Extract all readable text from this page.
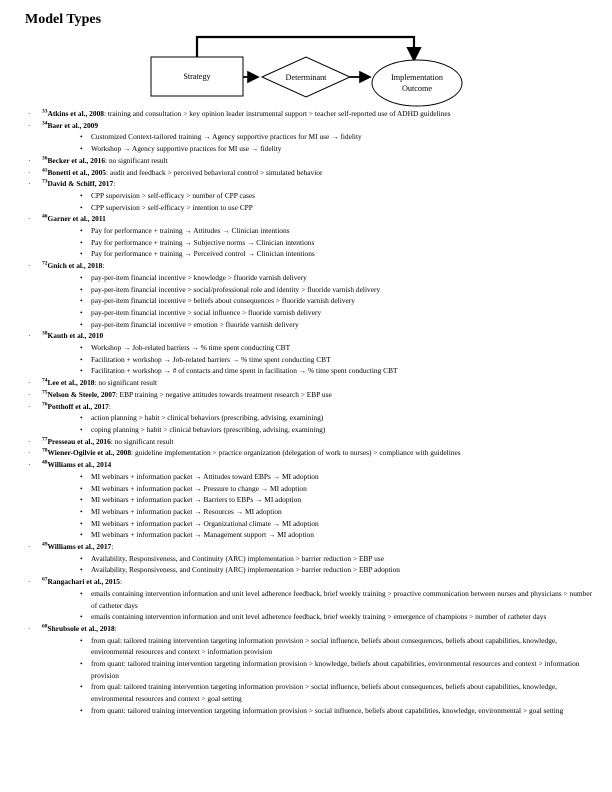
Model Types
Strategy	Determinant	Implementation Outcome
· $^{33}$Atkins et al., 2008: training and consultation > key opinion leader instrumental support > teacher self-reported use of ADHD guidelines
· $^{34}$Baer et al., 2009
• Customized Context-tailored training → Agency supportive practices for MI use → fidelity
• Workshop → Agency supportive practices for MI use → fidelity
· $^{36}$Becker et al., 2016: no significant result
· $^{41}$Bonetti et al., 2005: audit and feedback > perceived behavioral control > simulated behavior
· $^{73}$David & Schiff, 2017:
• CPP supervision > self-efficacy > number of CPP cases
• CPP supervision > self-efficacy > intention to use CPP
· $^{46}$Garner et al., 2011
• Pay for performance + training → Attitudes → Clinician intentions
• Pay for performance + training → Subjective norms → Clinician intentions
• Pay for performance + training → Perceived control → Clinician intentions
· $^{72}$Gnich et al., 2018:
• pay-per-item financial incentive > knowledge > fluoride varnish delivery
• pay-per-item financial incentive > social/professional role and identity > fluoride varnish delivery
• pay-per-item financial incentive > beliefs about consequences > fluoride varnish delivery
• pay-per-item financial incentive > social influence > fluoride varnish delivery
• pay-per-item financial incentive > emotion > fluoride varnish delivery
· $^{38}$Kauth et al., 2010
• Workshop → Job-related barriers → % time spent conducting CBT
• Facilitation + workshop → Job-related barriers → % time spent conducting CBT
• Facilitation + workshop → # of contacts and time spent in facilitation → % time spent conducting CBT
· $^{74}$Lee et al., 2018: no significant result
· $^{75}$Nelson & Steele, 2007: EBP training > negative attitudes towards treatment research > EBP use
· $^{76}$Potthoff et al., 2017:
• action planning > habit > clinical behaviors (prescribing, advising, examining)
• coping planning > habit > clinical behaviors (prescribing, advising, examining)
· $^{77}$Presseau et al., 2016: no significant result
· $^{78}$Wiener-Ogilvie et al., 2008: guideline implementation > practice organization (delegation of work to nurses) > compliance with guidelines
· $^{48}$Williams et al., 2014
• MI webinars + information packet → Attitudes toward EBPs → MI adoption
• MI webinars + information packet → Pressure to change → MI adoption
• MI webinars + information packet → Barriers to EBPs → MI adoption
• MI webinars + information packet → Resources → MI adoption
• MI webinars + information packet → Organizational climate → MI adoption
• MI webinars + information packet → Management support → MI adoption
· $^{49}$Williams et al., 2017:
• Availability, Responsiveness, and Continuity (ARC) implementation > barrier reduction > EBP use
• Availability, Responsiveness, and Continuity (ARC) implementation > barrier reduction > EBP adoption
· $^{67}$Rangachari et al., 2015:
• emails containing intervention information and unit level adherence feedback, brief weekly training > proactive communication between nurses and physicians > number of catheter days
• emails containing intervention information and unit level adherence feedback, brief weekly training > emergence of champions > number of catheter days
· $^{68}$Shrubsole et al., 2018:
• from qual: tailored training intervention targeting information provision > social influence, beliefs about consequences, beliefs about capabilities, knowledge, environmental resources and context > information provision
• from quant: tailored training intervention targeting information provision > knowledge, beliefs about capabilities, environmental resources and context > information provision
• from qual: tailored training intervention targeting information provision > social influence, beliefs about consequences, beliefs about capabilities, knowledge, environmental resources and context > goal setting
• from quant: tailored training intervention targeting information provision > social influence, beliefs about capabilities, knowledge, environmental > goal setting
